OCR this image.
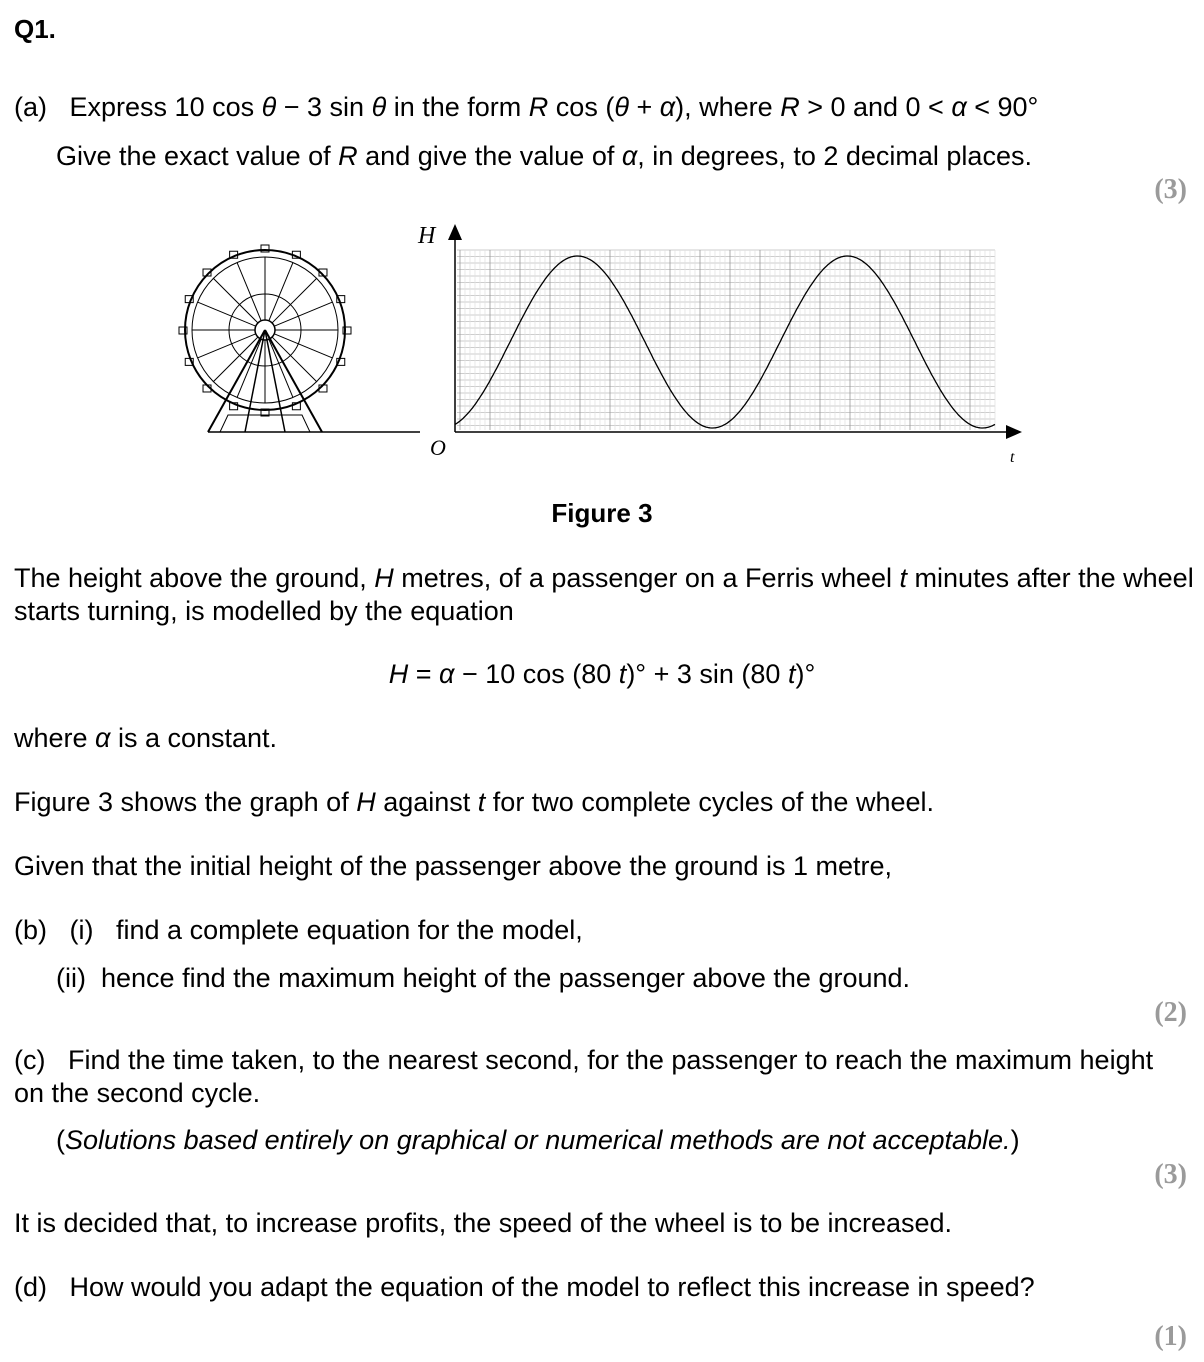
Q1.
(a) Express 10 cos θ − 3 sin θ in the form R cos (θ + α), where R > 0 and 0 < α < 90°
Give the exact value of R and give the value of α, in degrees, to 2 decimal places.
(3)
H
O	t
Figure 3
The height above the ground, H metres, of a passenger on a Ferris wheel t minutes after the wheel starts turning, is modelled by the equation
H = α − 10 cos (80 t)° + 3 sin (80 t)°
where α is a constant.
Figure 3 shows the graph of H against t for two complete cycles of the wheel.
Given that the initial height of the passenger above the ground is 1 metre,
(b) (i) find a complete equation for the model,
(ii) hence find the maximum height of the passenger above the ground.
(2)
(c) Find the time taken, to the nearest second, for the passenger to reach the maximum height on the second cycle.
(Solutions based entirely on graphical or numerical methods are not acceptable.)
(3)
It is decided that, to increase profits, the speed of the wheel is to be increased.
(d) How would you adapt the equation of the model to reflect this increase in speed?
(1)
